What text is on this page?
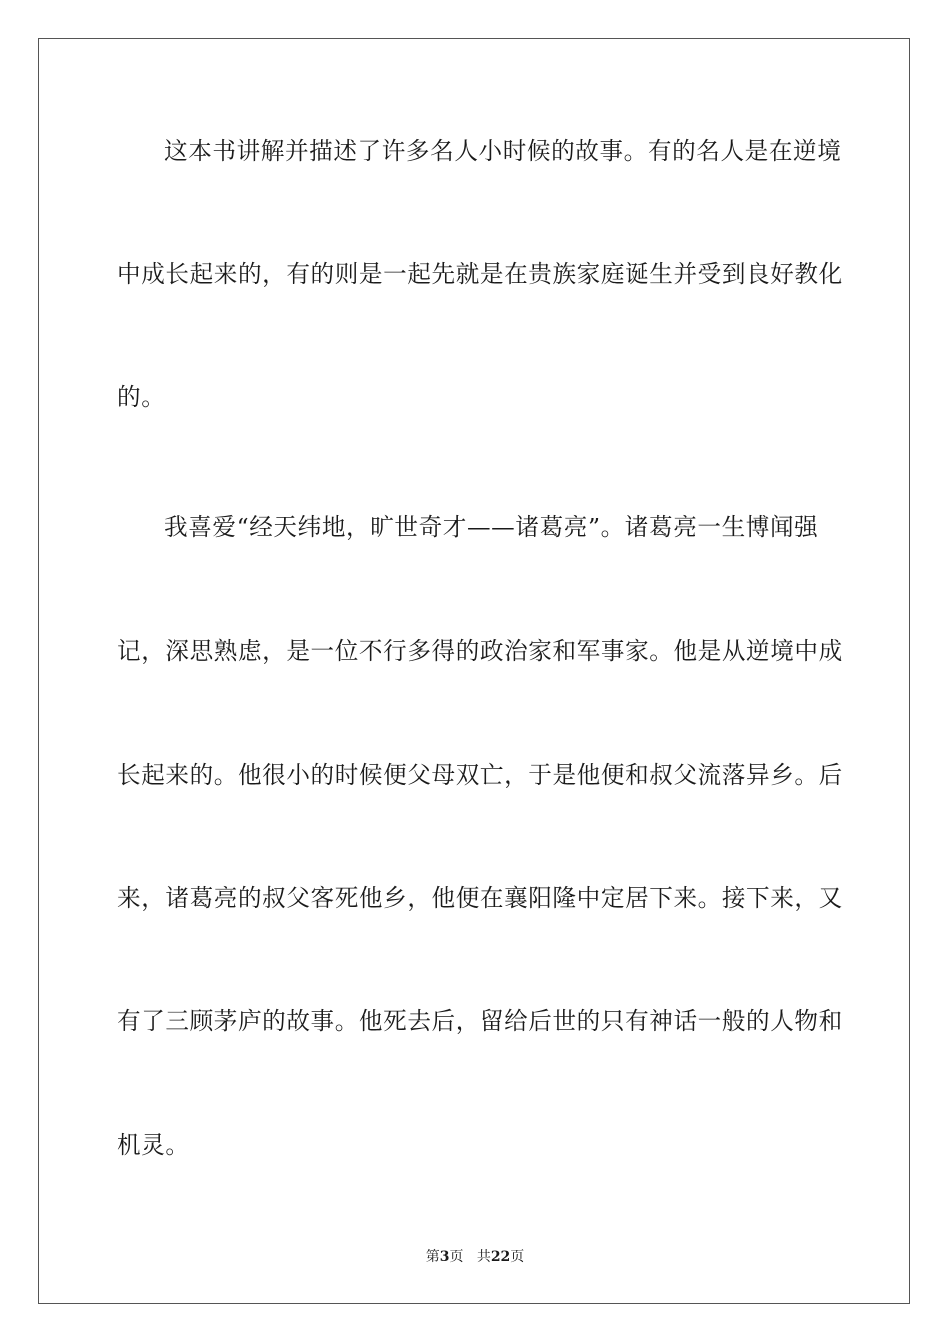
这本书讲解并描述了许多名人小时候的故事。有的名人是在逆境
中成长起来的，有的则是一起先就是在贵族家庭诞生并受到良好教化
的。
我喜爱“经天纬地，旷世奇才——诸葛亮”。诸葛亮一生博闻强
记，深思熟虑，是一位不行多得的政治家和军事家。他是从逆境中成
长起来的。他很小的时候便父母双亡，于是他便和叔父流落异乡。后
来，诸葛亮的叔父客死他乡，他便在襄阳隆中定居下来。接下来，又
有了三顾茅庐的故事。他死去后，留给后世的只有神话一般的人物和
机灵。
第3页 共22页
